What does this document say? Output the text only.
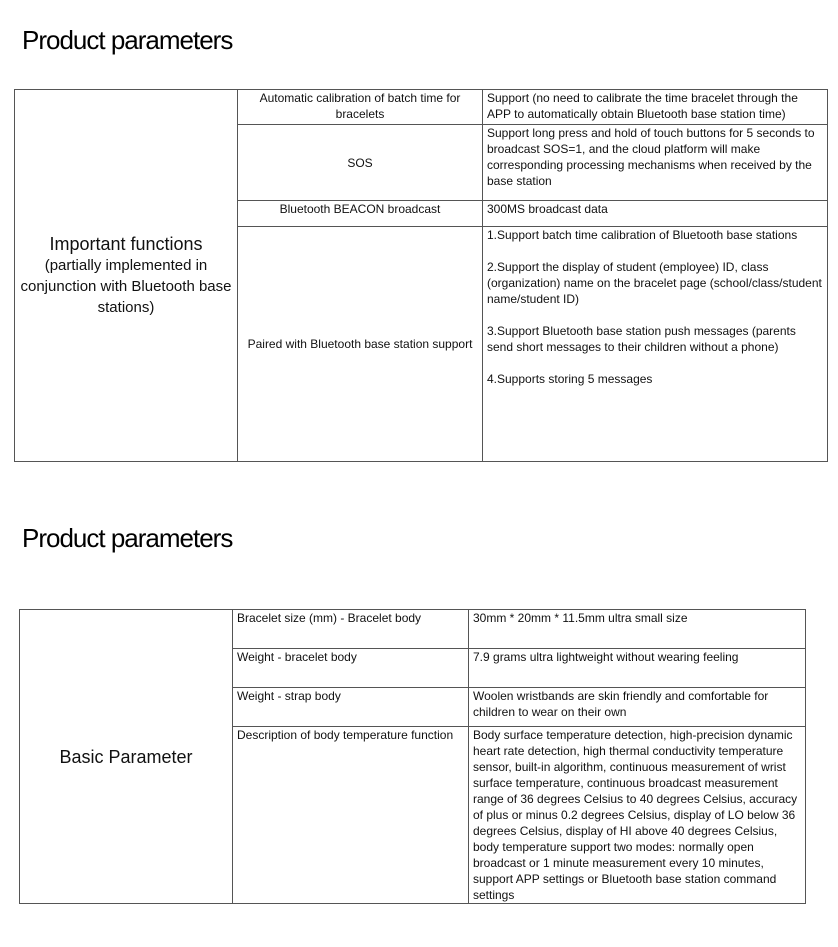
Product parameters
Important functions
(partially implemented in conjunction with Bluetooth base stations)	Automatic calibration of batch time for bracelets	Support (no need to calibrate the time bracelet through the APP to automatically obtain Bluetooth base station time)
	SOS	Support long press and hold of touch buttons for 5 seconds to broadcast SOS=1, and the cloud platform will make corresponding processing mechanisms when received by the base station
	Bluetooth BEACON broadcast	300MS broadcast data
	Paired with Bluetooth base station support	1.Support batch time calibration of Bluetooth base stations

2.Support the display of student (employee) ID, class (organization) name on the bracelet page (school/class/student name/student ID)

3.Support Bluetooth base station push messages (parents send short messages to their children without a phone)

4.Supports storing 5 messages

Product parameters
Basic Parameter	Bracelet size (mm) - Bracelet body	30mm * 20mm * 11.5mm ultra small size
	Weight - bracelet body	7.9 grams ultra lightweight without wearing feeling
	Weight - strap body	Woolen wristbands are skin friendly and comfortable for children to wear on their own
	Description of body temperature function	Body surface temperature detection, high-precision dynamic heart rate detection, high thermal conductivity temperature sensor, built-in algorithm, continuous measurement of wrist surface temperature, continuous broadcast measurement range of 36 degrees Celsius to 40 degrees Celsius, accuracy of plus or minus 0.2 degrees Celsius, display of LO below 36 degrees Celsius, display of HI above 40 degrees Celsius, body temperature support two modes: normally open broadcast or 1 minute measurement every 10 minutes, support APP settings or Bluetooth base station command settings
